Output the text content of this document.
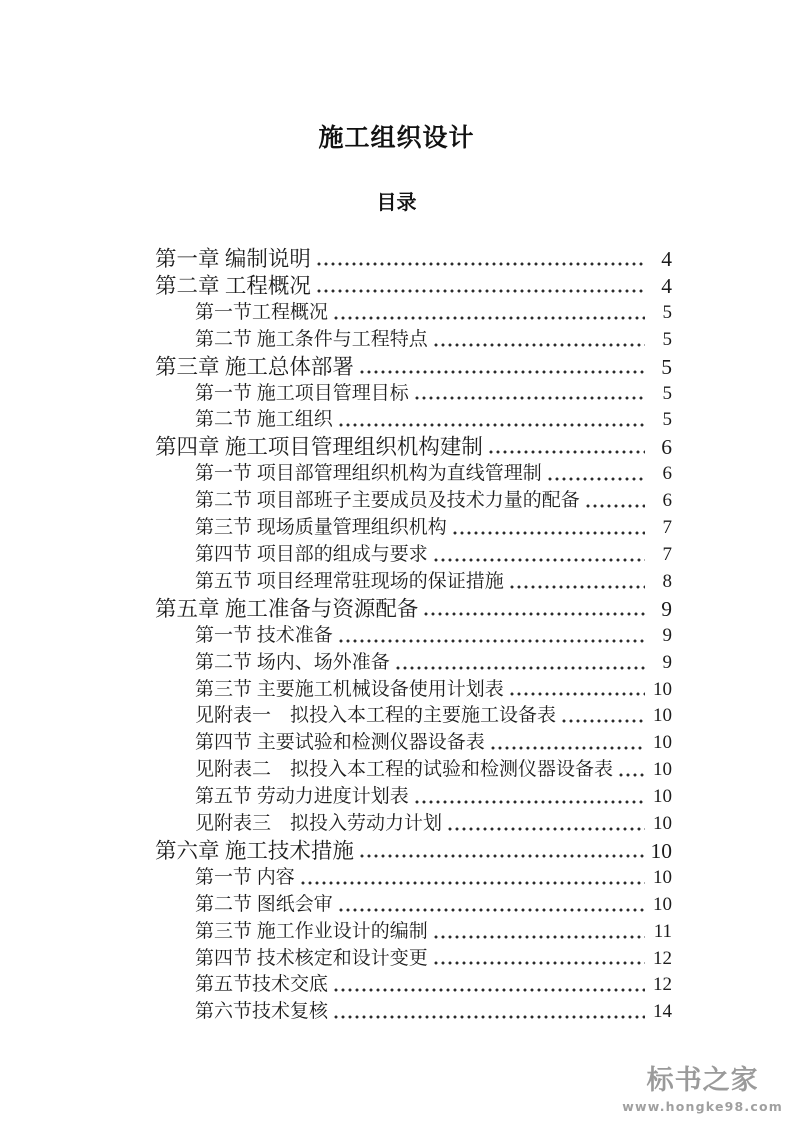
施工组织设计
目录
第一章 编制说明	4
第二章 工程概况	4
第一节工程概况	5
第二节 施工条件与工程特点	5
第三章 施工总体部署	5
第一节 施工项目管理目标	5
第二节 施工组织	5
第四章 施工项目管理组织机构建制	6
第一节 项目部管理组织机构为直线管理制	6
第二节 项目部班子主要成员及技术力量的配备	6
第三节 现场质量管理组织机构	7
第四节 项目部的组成与要求	7
第五节 项目经理常驻现场的保证措施	8
第五章 施工准备与资源配备	9
第一节 技术准备	9
第二节 场内、场外准备	9
第三节 主要施工机械设备使用计划表	10
见附表一　拟投入本工程的主要施工设备表	10
第四节 主要试验和检测仪器设备表	10
见附表二　拟投入本工程的试验和检测仪器设备表 10
第五节 劳动力进度计划表	10
见附表三　拟投入劳动力计划	10
第六章 施工技术措施	10
第一节 内容	10
第二节 图纸会审	10
第三节 施工作业设计的编制	11
第四节 技术核定和设计变更	12
第五节技术交底	12
第六节技术复核	14
标书之家
www.hongke98.com
